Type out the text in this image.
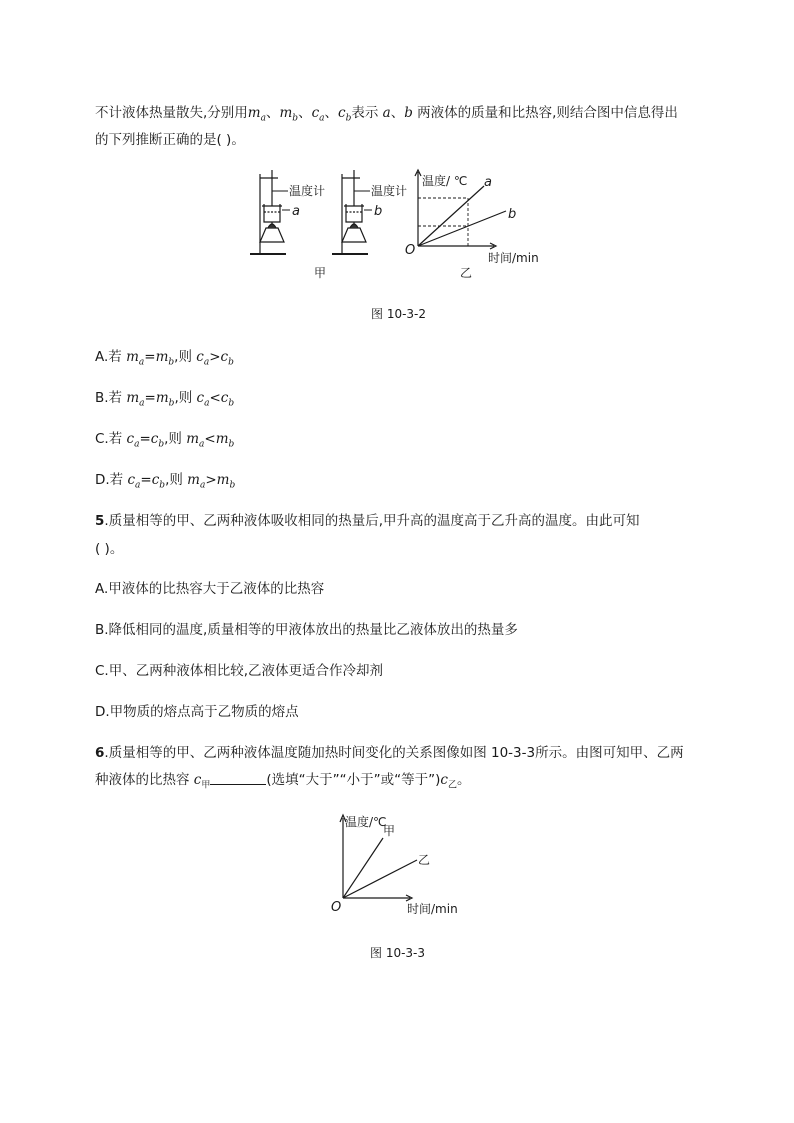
不计液体热量散失,分别用$m_a$、$m_b$、$c_a$、$c_b$表示 a、b 两液体的质量和比热容,则结合图中信息得出
的下列推断正确的是( )。
温度计
a
甲
温度计
b
温度/ ℃
时间/min
O
a
b
乙
图 10-3-2
A.若 $m_a=m_b$,则 $c_a>c_b$
B.若 $m_a=m_b$,则 $c_a<c_b$
C.若 $c_a=c_b$,则 $m_a<m_b$
D.若 $c_a=c_b$,则 $m_a>m_b$
5.质量相等的甲、乙两种液体吸收相同的热量后,甲升高的温度高于乙升高的温度。由此可知
( )。
A.甲液体的比热容大于乙液体的比热容
B.降低相同的温度,质量相等的甲液体放出的热量比乙液体放出的热量多
C.甲、乙两种液体相比较,乙液体更适合作冷却剂
D.甲物质的熔点高于乙物质的熔点
6.质量相等的甲、乙两种液体温度随加热时间变化的关系图像如图 10-3-3所示。由图可知甲、乙两
种液体的比热容 $c_甲$	(选填“大于”“小于”或“等于$”)c_乙$。
温度/℃
时间/min
O
甲
乙
图 10-3-3
